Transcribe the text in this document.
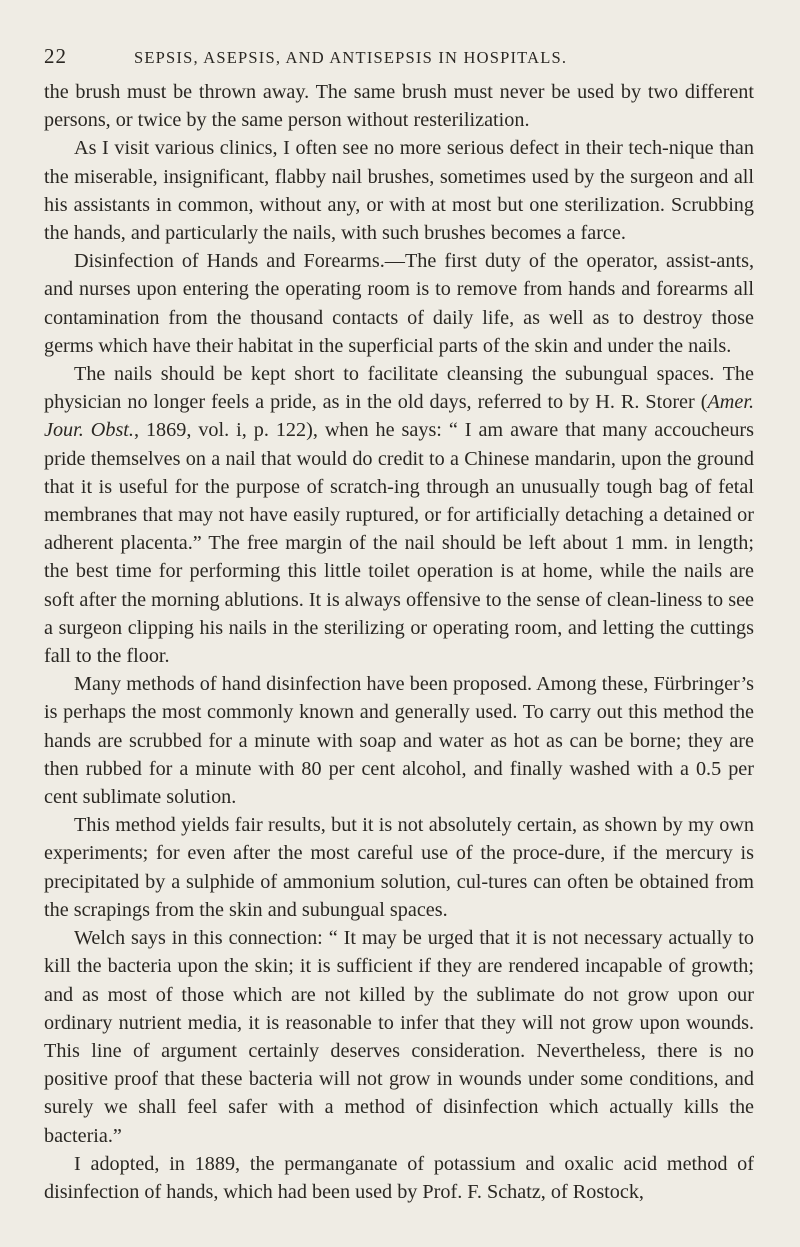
22	SEPSIS, ASEPSIS, AND ANTISEPSIS IN HOSPITALS.

the brush must be thrown away. The same brush must never be used by two different persons, or twice by the same person without resterilization.

As I visit various clinics, I often see no more serious defect in their tech-nique than the miserable, insignificant, flabby nail brushes, sometimes used by the surgeon and all his assistants in common, without any, or with at most but one sterilization. Scrubbing the hands, and particularly the nails, with such brushes becomes a farce.

Disinfection of Hands and Forearms.—The first duty of the operator, assist-ants, and nurses upon entering the operating room is to remove from hands and forearms all contamination from the thousand contacts of daily life, as well as to destroy those germs which have their habitat in the superficial parts of the skin and under the nails.

The nails should be kept short to facilitate cleansing the subungual spaces. The physician no longer feels a pride, as in the old days, referred to by H. R. Storer (Amer. Jour. Obst., 1869, vol. i, p. 122), when he says: “ I am aware that many accoucheurs pride themselves on a nail that would do credit to a Chinese mandarin, upon the ground that it is useful for the purpose of scratch-ing through an unusually tough bag of fetal membranes that may not have easily ruptured, or for artificially detaching a detained or adherent placenta.” The free margin of the nail should be left about 1 mm. in length; the best time for performing this little toilet operation is at home, while the nails are soft after the morning ablutions. It is always offensive to the sense of clean-liness to see a surgeon clipping his nails in the sterilizing or operating room, and letting the cuttings fall to the floor.

Many methods of hand disinfection have been proposed. Among these, Fürbringer’s is perhaps the most commonly known and generally used. To carry out this method the hands are scrubbed for a minute with soap and water as hot as can be borne; they are then rubbed for a minute with 80 per cent alcohol, and finally washed with a 0.5 per cent sublimate solution.

This method yields fair results, but it is not absolutely certain, as shown by my own experiments; for even after the most careful use of the proce-dure, if the mercury is precipitated by a sulphide of ammonium solution, cul-tures can often be obtained from the scrapings from the skin and subungual spaces.

Welch says in this connection: “ It may be urged that it is not necessary actually to kill the bacteria upon the skin; it is sufficient if they are rendered incapable of growth; and as most of those which are not killed by the sublimate do not grow upon our ordinary nutrient media, it is reasonable to infer that they will not grow upon wounds. This line of argument certainly deserves consideration. Nevertheless, there is no positive proof that these bacteria will not grow in wounds under some conditions, and surely we shall feel safer with a method of disinfection which actually kills the bacteria.”

I adopted, in 1889, the permanganate of potassium and oxalic acid method of disinfection of hands, which had been used by Prof. F. Schatz, of Rostock,
